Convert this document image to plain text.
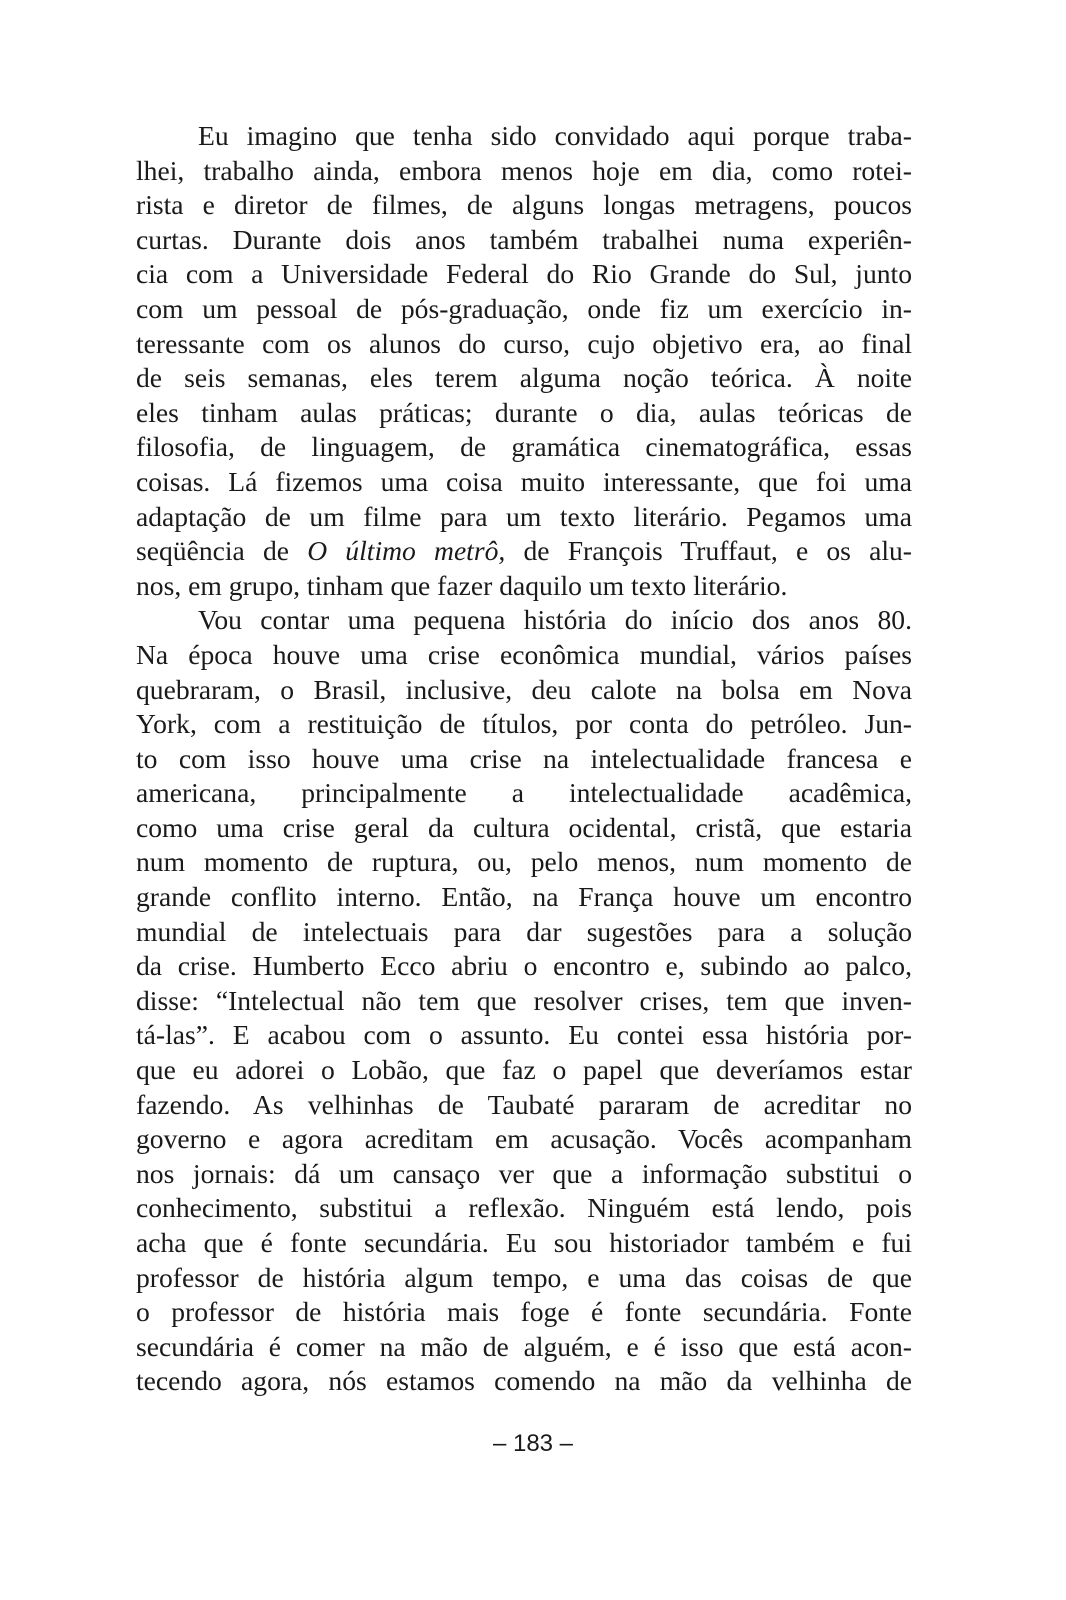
Eu imagino que tenha sido convidado aqui porque traba-
lhei, trabalho ainda, embora menos hoje em dia, como rotei-
rista e diretor de filmes, de alguns longas metragens, poucos
curtas. Durante dois anos também trabalhei numa experiên-
cia com a Universidade Federal do Rio Grande do Sul, junto
com um pessoal de pós-graduação, onde fiz um exercício in-
teressante com os alunos do curso, cujo objetivo era, ao final
de seis semanas, eles terem alguma noção teórica. À noite
eles tinham aulas práticas; durante o dia, aulas teóricas de
filosofia, de linguagem, de gramática cinematográfica, essas
coisas. Lá fizemos uma coisa muito interessante, que foi uma
adaptação de um filme para um texto literário. Pegamos uma
seqüência de O último metrô, de François Truffaut, e os alu-
nos, em grupo, tinham que fazer daquilo um texto literário.
Vou contar uma pequena história do início dos anos 80.
Na época houve uma crise econômica mundial, vários países
quebraram, o Brasil, inclusive, deu calote na bolsa em Nova
York, com a restituição de títulos, por conta do petróleo. Jun-
to com isso houve uma crise na intelectualidade francesa e
americana, principalmente a intelectualidade acadêmica,
como uma crise geral da cultura ocidental, cristã, que estaria
num momento de ruptura, ou, pelo menos, num momento de
grande conflito interno. Então, na França houve um encontro
mundial de intelectuais para dar sugestões para a solução
da crise. Humberto Ecco abriu o encontro e, subindo ao palco,
disse: “Intelectual não tem que resolver crises, tem que inven-
tá-las”. E acabou com o assunto. Eu contei essa história por-
que eu adorei o Lobão, que faz o papel que deveríamos estar
fazendo. As velhinhas de Taubaté pararam de acreditar no
governo e agora acreditam em acusação. Vocês acompanham
nos jornais: dá um cansaço ver que a informação substitui o
conhecimento, substitui a reflexão. Ninguém está lendo, pois
acha que é fonte secundária. Eu sou historiador também e fui
professor de história algum tempo, e uma das coisas de que
o professor de história mais foge é fonte secundária. Fonte
secundária é comer na mão de alguém, e é isso que está acon-
tecendo agora, nós estamos comendo na mão da velhinha de
– 183 –
